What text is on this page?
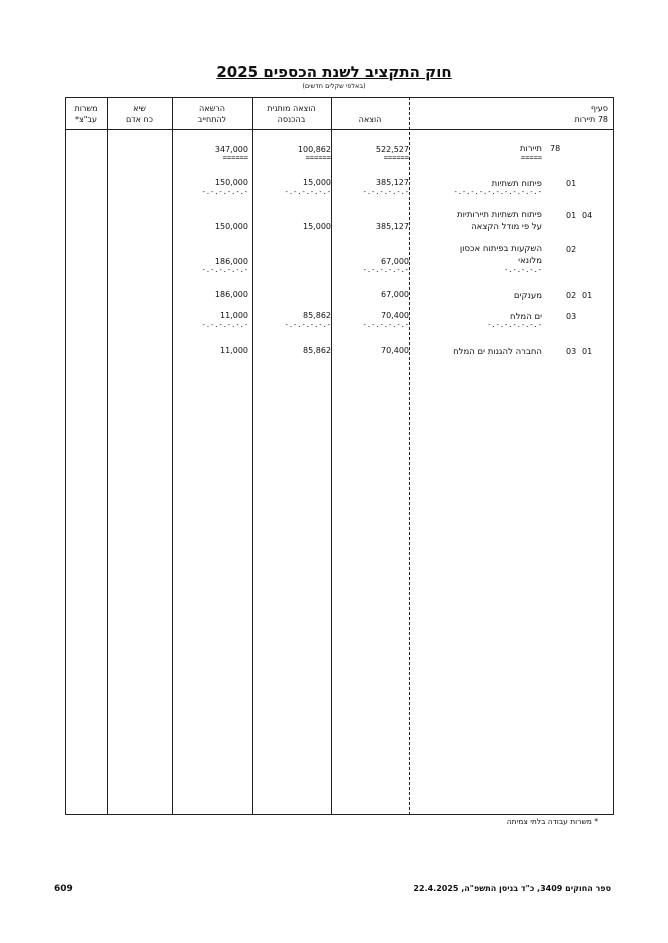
חוק התקציב לשנת הכספים 2025
(באלפי שקלים חדשים)
משרות
עב"צ*
שיא
כח אדם
הרשאה
להתחייב
הוצאה מותנית
בהכנסה	הוצאה
סעיף
78 תיירות
78
תיירות
=====
522,527
======
100,862
======
347,000
======
01
פיתוח תשתיות
-.-.-.-.-.-.-.-.-.-.-
385,127
-.-.-.-.-.-
15,000
-.-.-.-.-.-
150,000
-.-.-.-.-.-
01 04
פיתוח תשתיות תיירותיות
על פי מודל הקצאה
385,127
15,000
150,000
02
השקעות בפיתוח אכסון
מלונאי
-.-.-.-.-
67,000
-.-.-.-.-.-
186,000
-.-.-.-.-.-
02 01
מענקים
67,000
186,000
03
ים המלח
-.-.-.-.-.-.-
70,400
-.-.-.-.-.-
85,862
-.-.-.-.-.-
11,000
-.-.-.-.-.-
03 01
החברה להגנות ים המלח
70,400
85,862
11,000
* משרות עבודה בלתי צמיתה
609	ספר החוקים 3409, כ"ד בניסן התשפ"ה, 22.4.2025
